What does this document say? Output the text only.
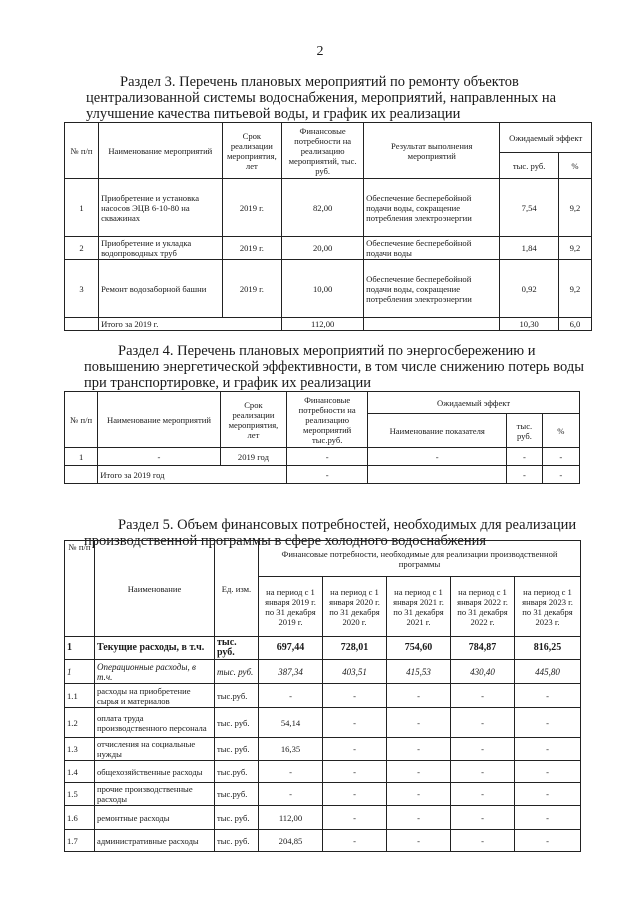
2
Раздел 3. Перечень плановых мероприятий по ремонту объектов
централизованной системы водоснабжения, мероприятий, направленных на
улучшение качества питьевой воды, и график их реализации
№ п/п	Наименование мероприятий	Срок реализации мероприятия, лет	Финансовые потребности на реализацию мероприятий, тыс. руб.	Результат выполнения мероприятий	Ожидаемый эффект	
					тыс. руб.	%
1	Приобретение и установка насосов ЭЦВ 6-10-80 на скважинах	2019 г.	82,00	Обеспечение бесперебойной подачи воды, сокращение потребления электроэнергии	7,54	9,2
2	Приобретение и укладка водопроводных труб	2019 г.	20,00	Обеспечение бесперебойной подачи воды	1,84	9,2
3	Ремонт водозаборной башни	2019 г.	10,00	Обеспечение бесперебойной подачи воды, сокращение потребления электроэнергии	0,92	9,2
	Итого за 2019 г.		112,00		10,30	6,0
Раздел 4. Перечень плановых мероприятий по энергосбережению и
повышению энергетической эффективности, в том числе снижению потерь воды
при транспортировке, и график их реализации
№ п/п	Наименование мероприятий	Срок реализации мероприятия, лет	Финансовые потребности на реализацию мероприятий тыс.руб.	Ожидаемый эффект		
				Наименование показателя	тыс. руб.	%
1	-	2019 год	-	-	-	-
	Итого за 2019 год		-		-	-
Раздел 5. Объем финансовых потребностей, необходимых для реализации
производственной программы в сфере холодного водоснабжения
№ п/п	Наименование	Ед. изм.	Финансовые потребности, необходимые для реализации производственной программы				
			на период с 1 января 2019 г. по 31 декабря 2019 г.	на период с 1 января 2020 г. по 31 декабря 2020 г.	на период с 1 января 2021 г. по 31 декабря 2021 г.	на период с 1 января 2022 г. по 31 декабря 2022 г.	на период с 1 января 2023 г. по 31 декабря 2023 г.
1	Текущие расходы, в т.ч.	тыс. руб.	697,44	728,01	754,60	784,87	816,25
1	Операционные расходы, в т.ч.	тыс. руб.	387,34	403,51	415,53	430,40	445,80
1.1	расходы на приобретение сырья и материалов	тыс.руб.	-	-	-	-	-
1.2	оплата труда производственного персонала	тыс. руб.	54,14	-	-	-	-
1.3	отчисления на социальные нужды	тыс. руб.	16,35	-	-	-	-
1.4	общехозяйственные расходы	тыс.руб.	-	-	-	-	-
1.5	прочие производственные расходы	тыс.руб.	-	-	-	-	-
1.6	ремонтные расходы	тыс. руб.	112,00	-	-	-	-
1.7	административные расходы	тыс. руб.	204,85	-	-	-	-
